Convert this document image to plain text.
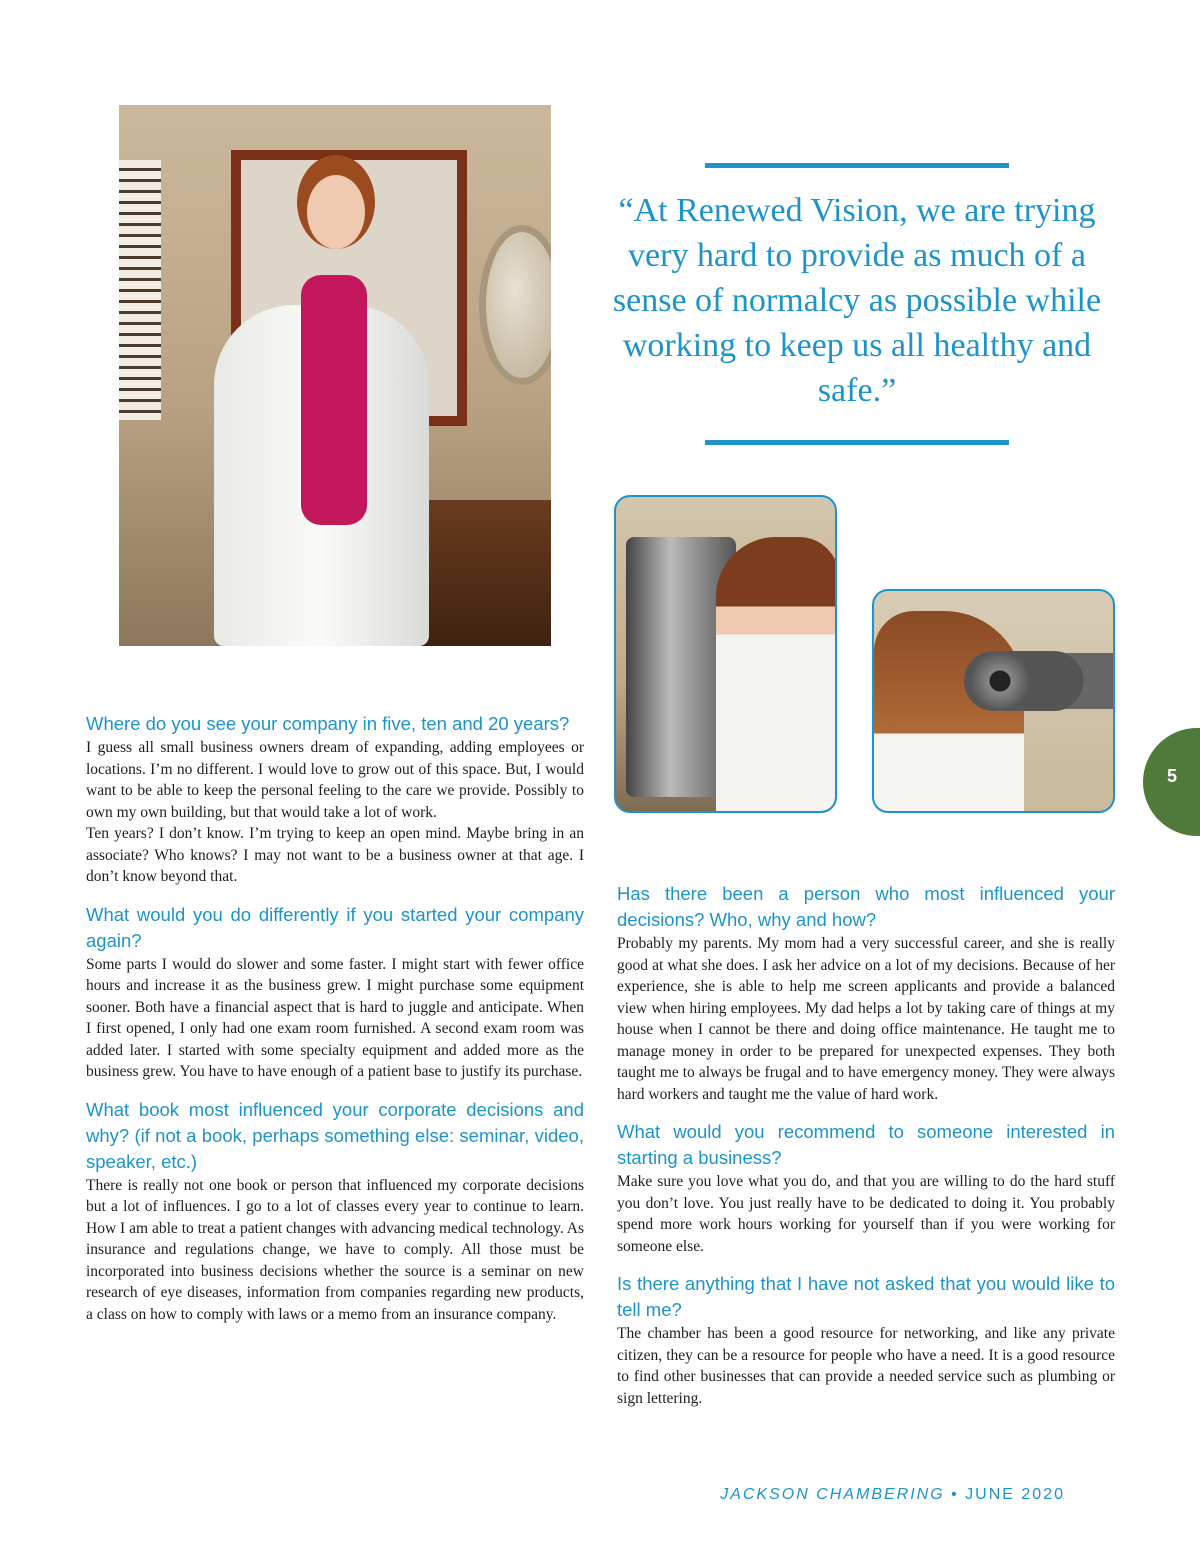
“At Renewed Vision, we are trying very hard to provide as much of a sense of normalcy as possible while working to keep us all healthy and safe.”
Where do you see your company in five, ten and 20 years?

I guess all small business owners dream of expanding, adding employees or locations. I’m no different. I would love to grow out of this space. But, I would want to be able to keep the personal feeling to the care we provide. Possibly to own my own building, but that would take a lot of work.

Ten years? I don’t know. I’m trying to keep an open mind. Maybe bring in an associate? Who knows? I may not want to be a business owner at that age. I don’t know beyond that.

What would you do differently if you started your company again?

Some parts I would do slower and some faster. I might start with fewer office hours and increase it as the business grew. I might purchase some equipment sooner. Both have a financial aspect that is hard to juggle and anticipate. When I first opened, I only had one exam room furnished. A second exam room was added later. I started with some specialty equipment and added more as the business grew. You have to have enough of a patient base to justify its purchase.

What book most influenced your corporate decisions and why? (if not a book, perhaps something else: seminar, video, speaker, etc.)

There is really not one book or person that influenced my corporate decisions but a lot of influences. I go to a lot of classes every year to continue to learn. How I am able to treat a patient changes with advancing medical technology. As insurance and regulations change, we have to comply. All those must be incorporated into business decisions whether the source is a seminar on new research of eye diseases, information from companies regarding new products, a class on how to comply with laws or a memo from an insurance company.

Has there been a person who most influenced your decisions? Who, why and how?

Probably my parents. My mom had a very successful career, and she is really good at what she does. I ask her advice on a lot of my decisions. Because of her experience, she is able to help me screen applicants and provide a balanced view when hiring employees. My dad helps a lot by taking care of things at my house when I cannot be there and doing office maintenance. He taught me to manage money in order to be prepared for unexpected expenses. They both taught me to always be frugal and to have emergency money. They were always hard workers and taught me the value of hard work.

What would you recommend to someone interested in starting a business?

Make sure you love what you do, and that you are willing to do the hard stuff you don’t love. You just really have to be dedicated to doing it. You probably spend more work hours working for yourself than if you were working for someone else.

Is there anything that I have not asked that you would like to tell me?

The chamber has been a good resource for networking, and like any private citizen, they can be a resource for people who have a need. It is a good resource to find other businesses that can provide a needed service such as plumbing or sign lettering.

5
JACKSON CHAMBERING • JUNE 2020
